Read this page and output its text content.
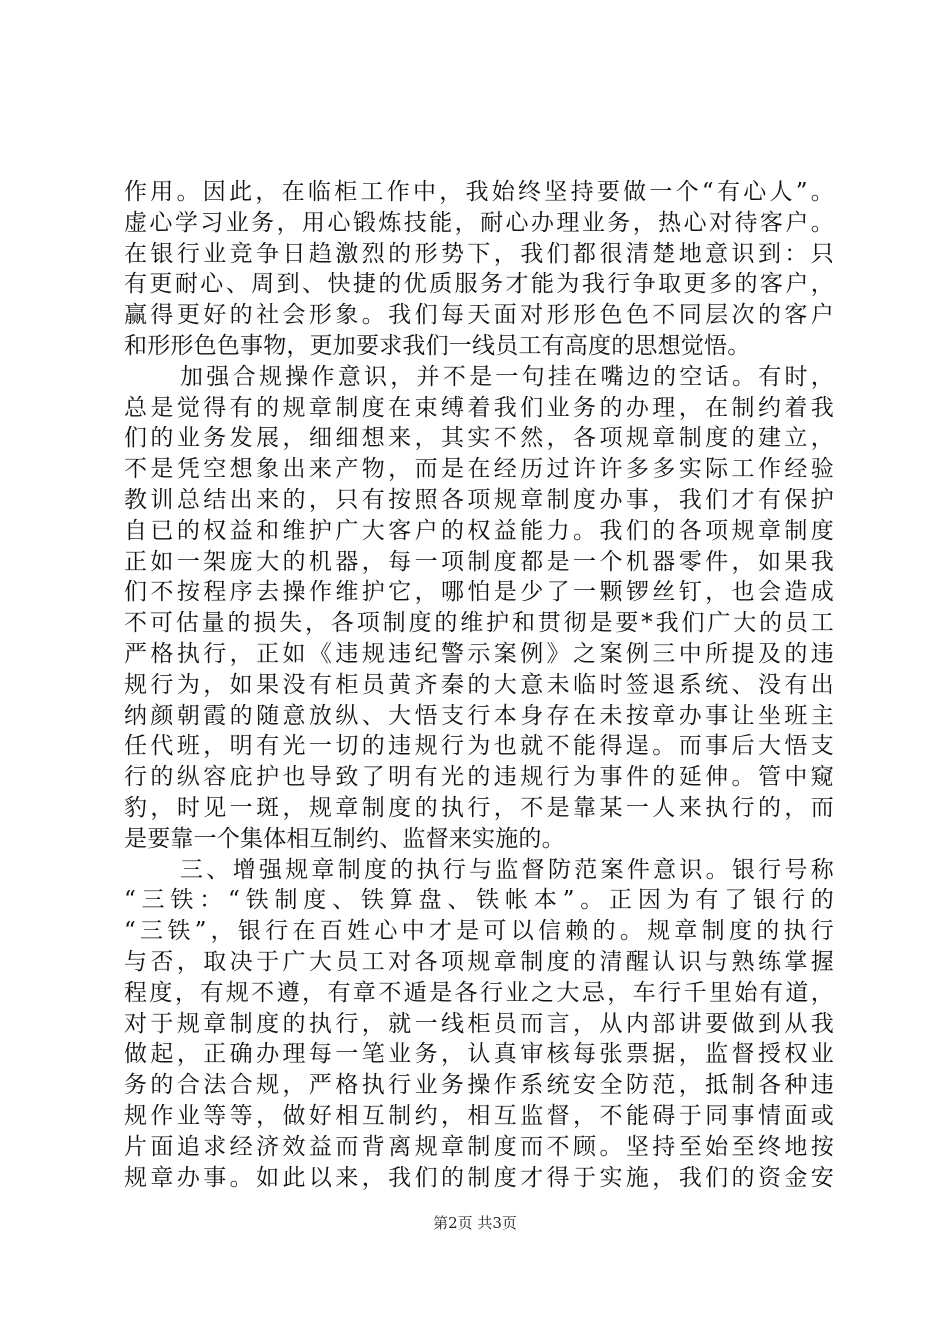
作用。因此，在临柜工作中，我始终坚持要做一个“有心人”。
虚心学习业务，用心锻炼技能，耐心办理业务，热心对待客户。
在银行业竞争日趋激烈的形势下，我们都很清楚地意识到：只
有更耐心、周到、快捷的优质服务才能为我行争取更多的客户，
赢得更好的社会形象。我们每天面对形形色色不同层次的客户
和形形色色事物，更加要求我们一线员工有高度的思想觉悟。
加强合规操作意识，并不是一句挂在嘴边的空话。有时，
总是觉得有的规章制度在束缚着我们业务的办理，在制约着我
们的业务发展，细细想来，其实不然，各项规章制度的建立，
不是凭空想象出来产物，而是在经历过许许多多实际工作经验
教训总结出来的，只有按照各项规章制度办事，我们才有保护
自已的权益和维护广大客户的权益能力。我们的各项规章制度
正如一架庞大的机器，每一项制度都是一个机器零件，如果我
们不按程序去操作维护它，哪怕是少了一颗锣丝钉，也会造成
不可估量的损失，各项制度的维护和贯彻是要*我们广大的员工
严格执行，正如《违规违纪警示案例》之案例三中所提及的违
规行为，如果没有柜员黄齐秦的大意未临时签退系统、没有出
纳颜朝霞的随意放纵、大悟支行本身存在未按章办事让坐班主
任代班，明有光一切的违规行为也就不能得逞。而事后大悟支
行的纵容庇护也导致了明有光的违规行为事件的延伸。管中窥
豹，时见一斑，规章制度的执行，不是靠某一人来执行的，而
是要靠一个集体相互制约、监督来实施的。
三、增强规章制度的执行与监督防范案件意识。银行号称
“三铁：“铁制度、铁算盘、铁帐本”。正因为有了银行的
“三铁”，银行在百姓心中才是可以信赖的。规章制度的执行
与否，取决于广大员工对各项规章制度的清醒认识与熟练掌握
程度，有规不遵，有章不遁是各行业之大忌，车行千里始有道，
对于规章制度的执行，就一线柜员而言，从内部讲要做到从我
做起，正确办理每一笔业务，认真审核每张票据，监督授权业
务的合法合规，严格执行业务操作系统安全防范，抵制各种违
规作业等等，做好相互制约，相互监督，不能碍于同事情面或
片面追求经济效益而背离规章制度而不顾。坚持至始至终地按
规章办事。如此以来，我们的制度才得于实施，我们的资金安
第2页 共3页
